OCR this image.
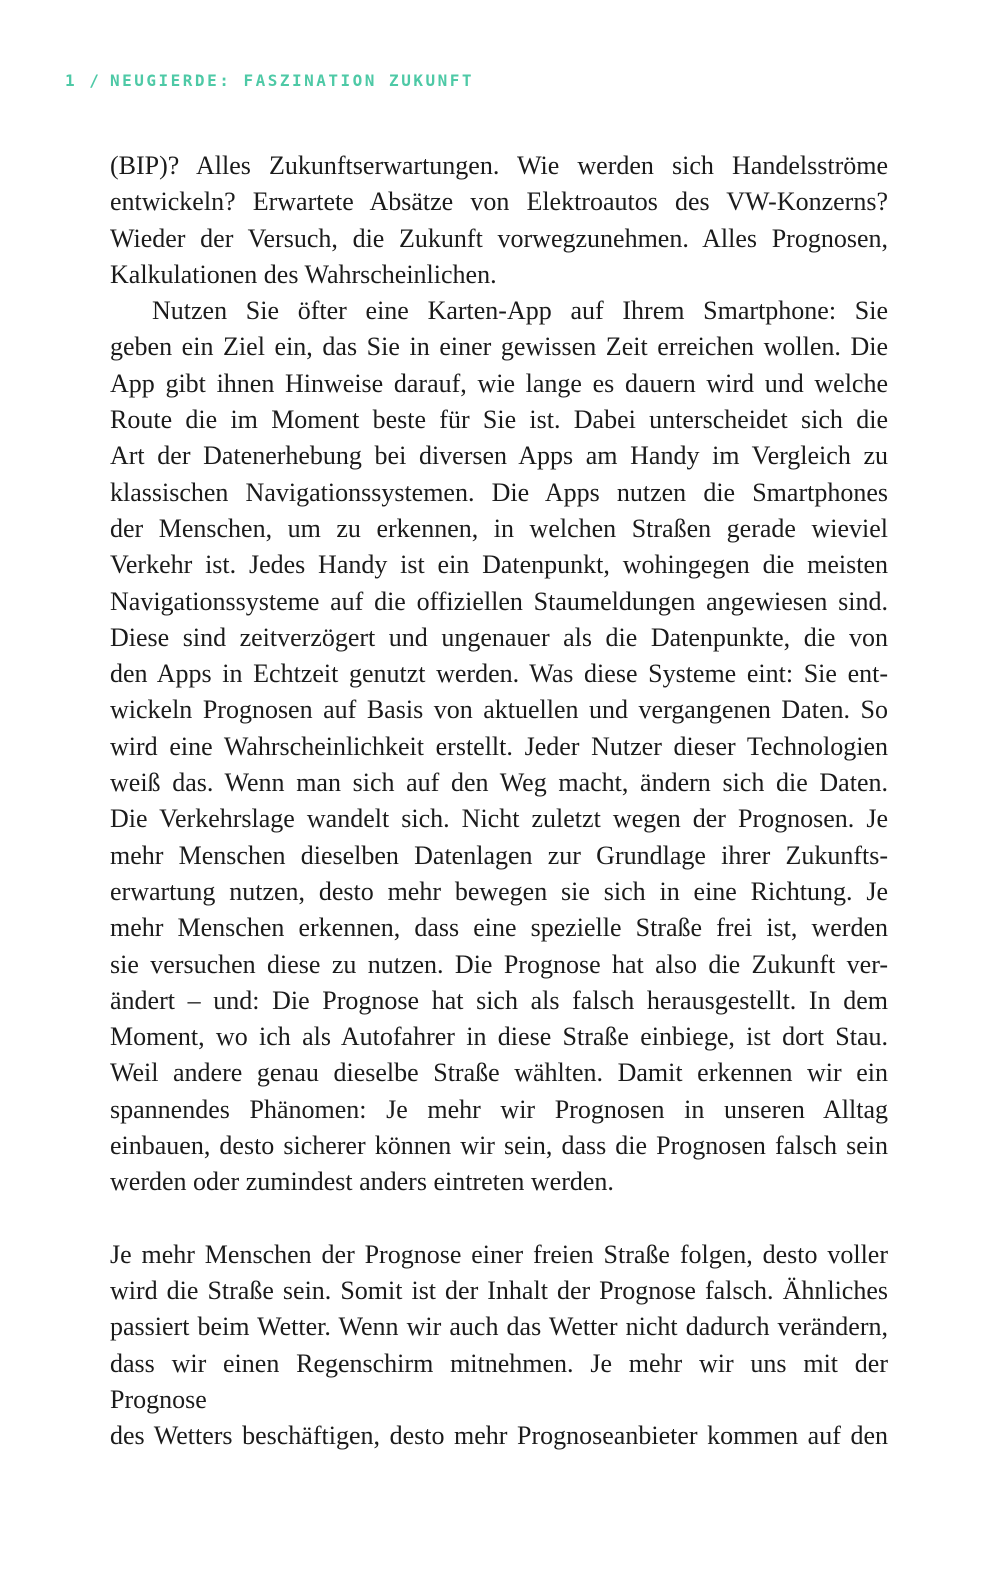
1 / NEUGIERDE: FASZINATION ZUKUNFT

(BIP)? Alles Zukunftserwartungen. Wie werden sich Handelsströme
entwickeln? Erwartete Absätze von Elektroautos des VW-Konzerns?
Wieder der Versuch, die Zukunft vorwegzunehmen. Alles Prognosen,
Kalkulationen des Wahrscheinlichen.

Nutzen Sie öfter eine Karten-App auf Ihrem Smartphone: Sie
geben ein Ziel ein, das Sie in einer gewissen Zeit erreichen wollen. Die
App gibt ihnen Hinweise darauf, wie lange es dauern wird und welche
Route die im Moment beste für Sie ist. Dabei unterscheidet sich die
Art der Datenerhebung bei diversen Apps am Handy im Vergleich zu
klassischen Navigationssystemen. Die Apps nutzen die Smartphones
der Menschen, um zu erkennen, in welchen Straßen gerade wieviel
Verkehr ist. Jedes Handy ist ein Datenpunkt, wohingegen die meisten
Navigationssysteme auf die offiziellen Staumeldungen angewiesen sind.
Diese sind zeitverzögert und ungenauer als die Datenpunkte, die von
den Apps in Echtzeit genutzt werden. Was diese Systeme eint: Sie ent-
wickeln Prognosen auf Basis von aktuellen und vergangenen Daten. So
wird eine Wahrscheinlichkeit erstellt. Jeder Nutzer dieser Technologien
weiß das. Wenn man sich auf den Weg macht, ändern sich die Daten.
Die Verkehrslage wandelt sich. Nicht zuletzt wegen der Prognosen. Je
mehr Menschen dieselben Datenlagen zur Grundlage ihrer Zukunfts-
erwartung nutzen, desto mehr bewegen sie sich in eine Richtung. Je
mehr Menschen erkennen, dass eine spezielle Straße frei ist, werden
sie versuchen diese zu nutzen. Die Prognose hat also die Zukunft ver-
ändert – und: Die Prognose hat sich als falsch herausgestellt. In dem
Moment, wo ich als Autofahrer in diese Straße einbiege, ist dort Stau.
Weil andere genau dieselbe Straße wählten. Damit erkennen wir ein
spannendes Phänomen: Je mehr wir Prognosen in unseren Alltag
einbauen, desto sicherer können wir sein, dass die Prognosen falsch sein
werden oder zumindest anders eintreten werden.

Je mehr Menschen der Prognose einer freien Straße folgen, desto voller
wird die Straße sein. Somit ist der Inhalt der Prognose falsch. Ähnliches
passiert beim Wetter. Wenn wir auch das Wetter nicht dadurch verändern,
dass wir einen Regenschirm mitnehmen. Je mehr wir uns mit der Prognose
des Wetters beschäftigen, desto mehr Prognoseanbieter kommen auf den
